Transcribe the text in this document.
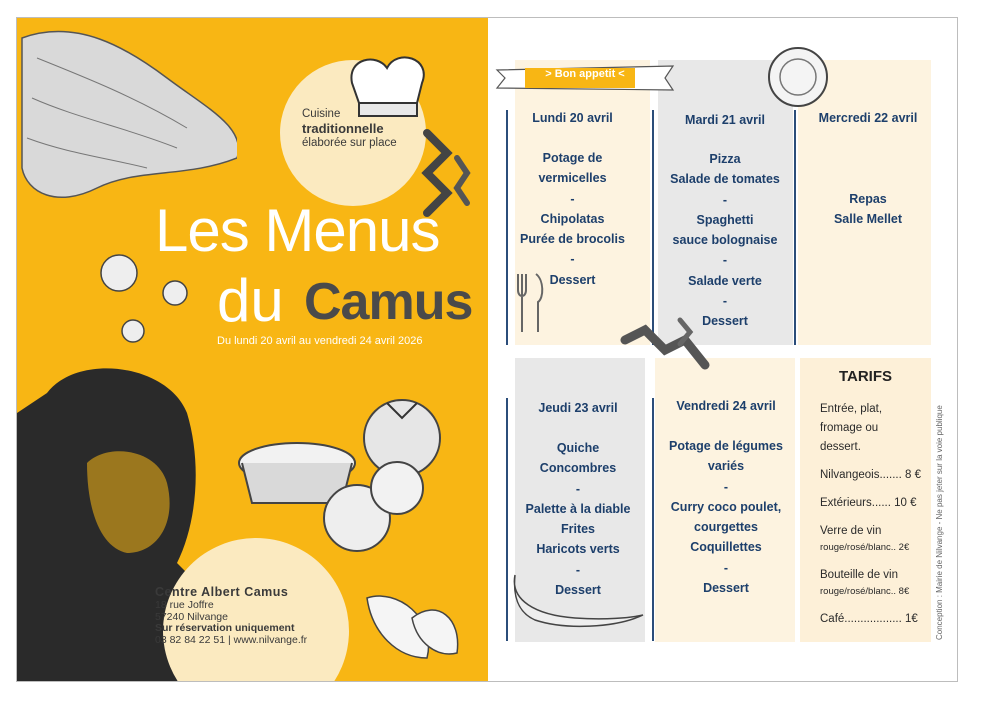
Cuisine
traditionnelle
élaborée sur place
Les Menus
du Camus
Du lundi 20 avril au vendredi 24 avril 2026
Centre Albert Camus
18 rue Joffre
57240 Nilvange
Sur réservation uniquement
03 82 84 22 51 | www.nilvange.fr
> Bon appetit <
Lundi 20 avril
Potage de
vermicelles
-
Chipolatas
Purée de brocolis
-
Dessert
Mardi 21 avril
Pizza
Salade de tomates
-
Spaghetti
sauce bolognaise
-
Salade verte
-
Dessert
Mercredi 22 avril
Repas
Salle Mellet
Jeudi 23 avril
Quiche
Concombres
-
Palette à la diable
Frites
Haricots verts
-
Dessert
Vendredi 24 avril
Potage de légumes
variés
-
Curry coco poulet,
courgettes
Coquillettes
-
Dessert
TARIFS
Entrée, plat,
fromage ou
dessert.
Nilvangeois....... 8 €
Extérieurs...... 10 €
Verre de vin
rouge/rosé/blanc.. 2€
Bouteille de vin
rouge/rosé/blanc.. 8€
Café.................. 1€ Conception : Mairie de Nilvange - Ne pas jeter sur la voie publique
